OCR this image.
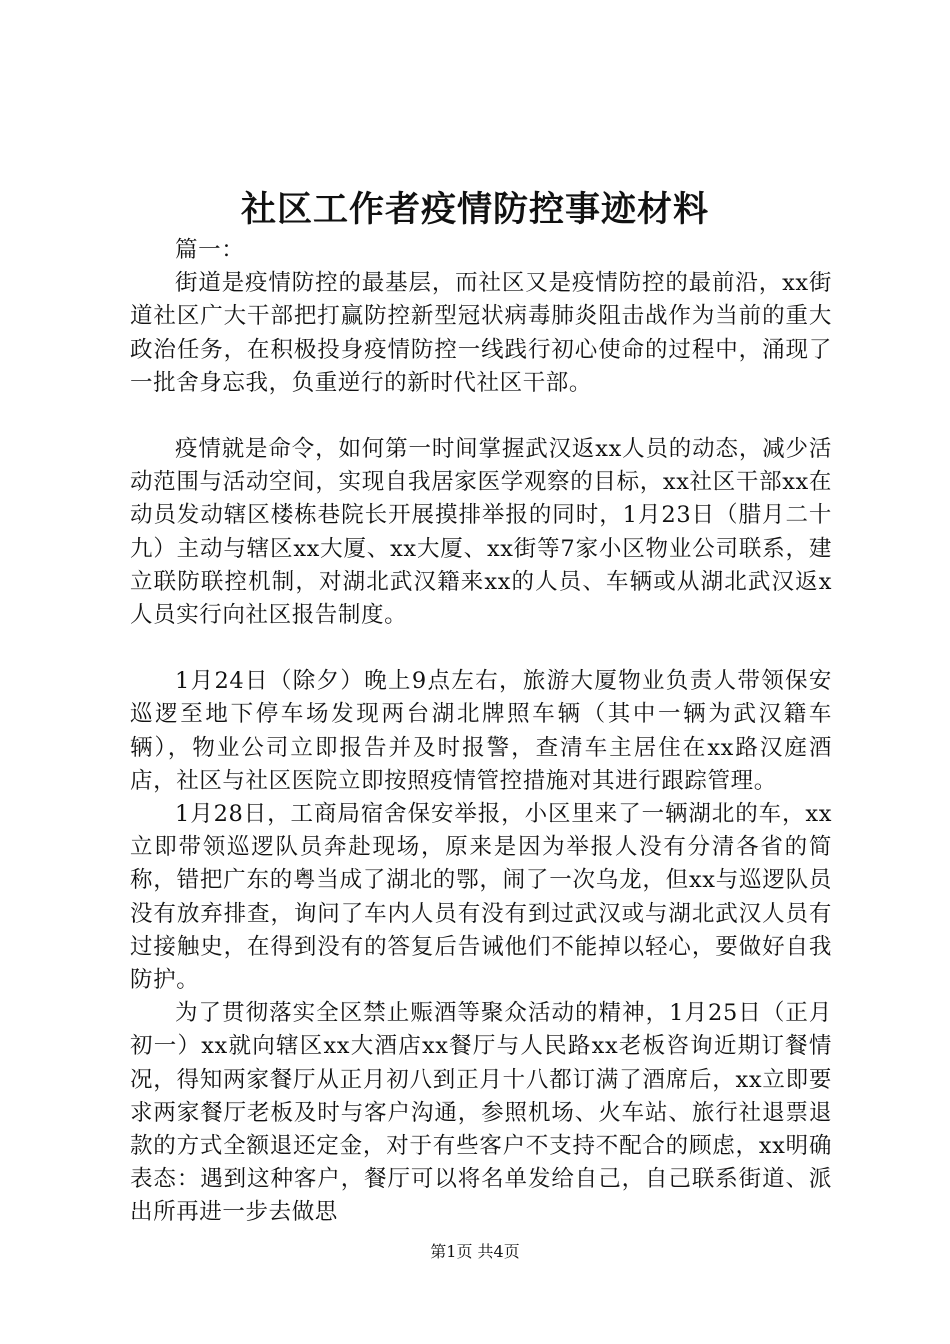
社区工作者疫情防控事迹材料

篇一：

街道是疫情防控的最基层，而社区又是疫情防控的最前沿，xx街道社区广大干部把打赢防控新型冠状病毒肺炎阻击战作为当前的重大政治任务，在积极投身疫情防控一线践行初心使命的过程中，涌现了一批舍身忘我，负重逆行的新时代社区干部。

疫情就是命令，如何第一时间掌握武汉返xx人员的动态，减少活动范围与活动空间，实现自我居家医学观察的目标，xx社区干部xx在动员发动辖区楼栋巷院长开展摸排举报的同时，1月23日（腊月二十九）主动与辖区xx大厦、xx大厦、xx街等7家小区物业公司联系，建立联防联控机制，对湖北武汉籍来xx的人员、车辆或从湖北武汉返x人员实行向社区报告制度。

1月24日（除夕）晚上9点左右，旅游大厦物业负责人带领保安巡逻至地下停车场发现两台湖北牌照车辆（其中一辆为武汉籍车辆），物业公司立即报告并及时报警，查清车主居住在xx路汉庭酒店，社区与社区医院立即按照疫情管控措施对其进行跟踪管理。

1月28日，工商局宿舍保安举报，小区里来了一辆湖北的车，xx立即带领巡逻队员奔赴现场，原来是因为举报人没有分清各省的简称，错把广东的粤当成了湖北的鄂，闹了一次乌龙，但xx与巡逻队员没有放弃排查，询问了车内人员有没有到过武汉或与湖北武汉人员有过接触史，在得到没有的答复后告诫他们不能掉以轻心，要做好自我防护。

为了贯彻落实全区禁止赈酒等聚众活动的精神，1月25日（正月初一）xx就向辖区xx大酒店xx餐厅与人民路xx老板咨询近期订餐情况，得知两家餐厅从正月初八到正月十八都订满了酒席后，xx立即要求两家餐厅老板及时与客户沟通，参照机场、火车站、旅行社退票退款的方式全额退还定金，对于有些客户不支持不配合的顾虑，xx明确表态：遇到这种客户，餐厅可以将名单发给自己，自己联系街道、派出所再进一步去做思

第1页 共4页
